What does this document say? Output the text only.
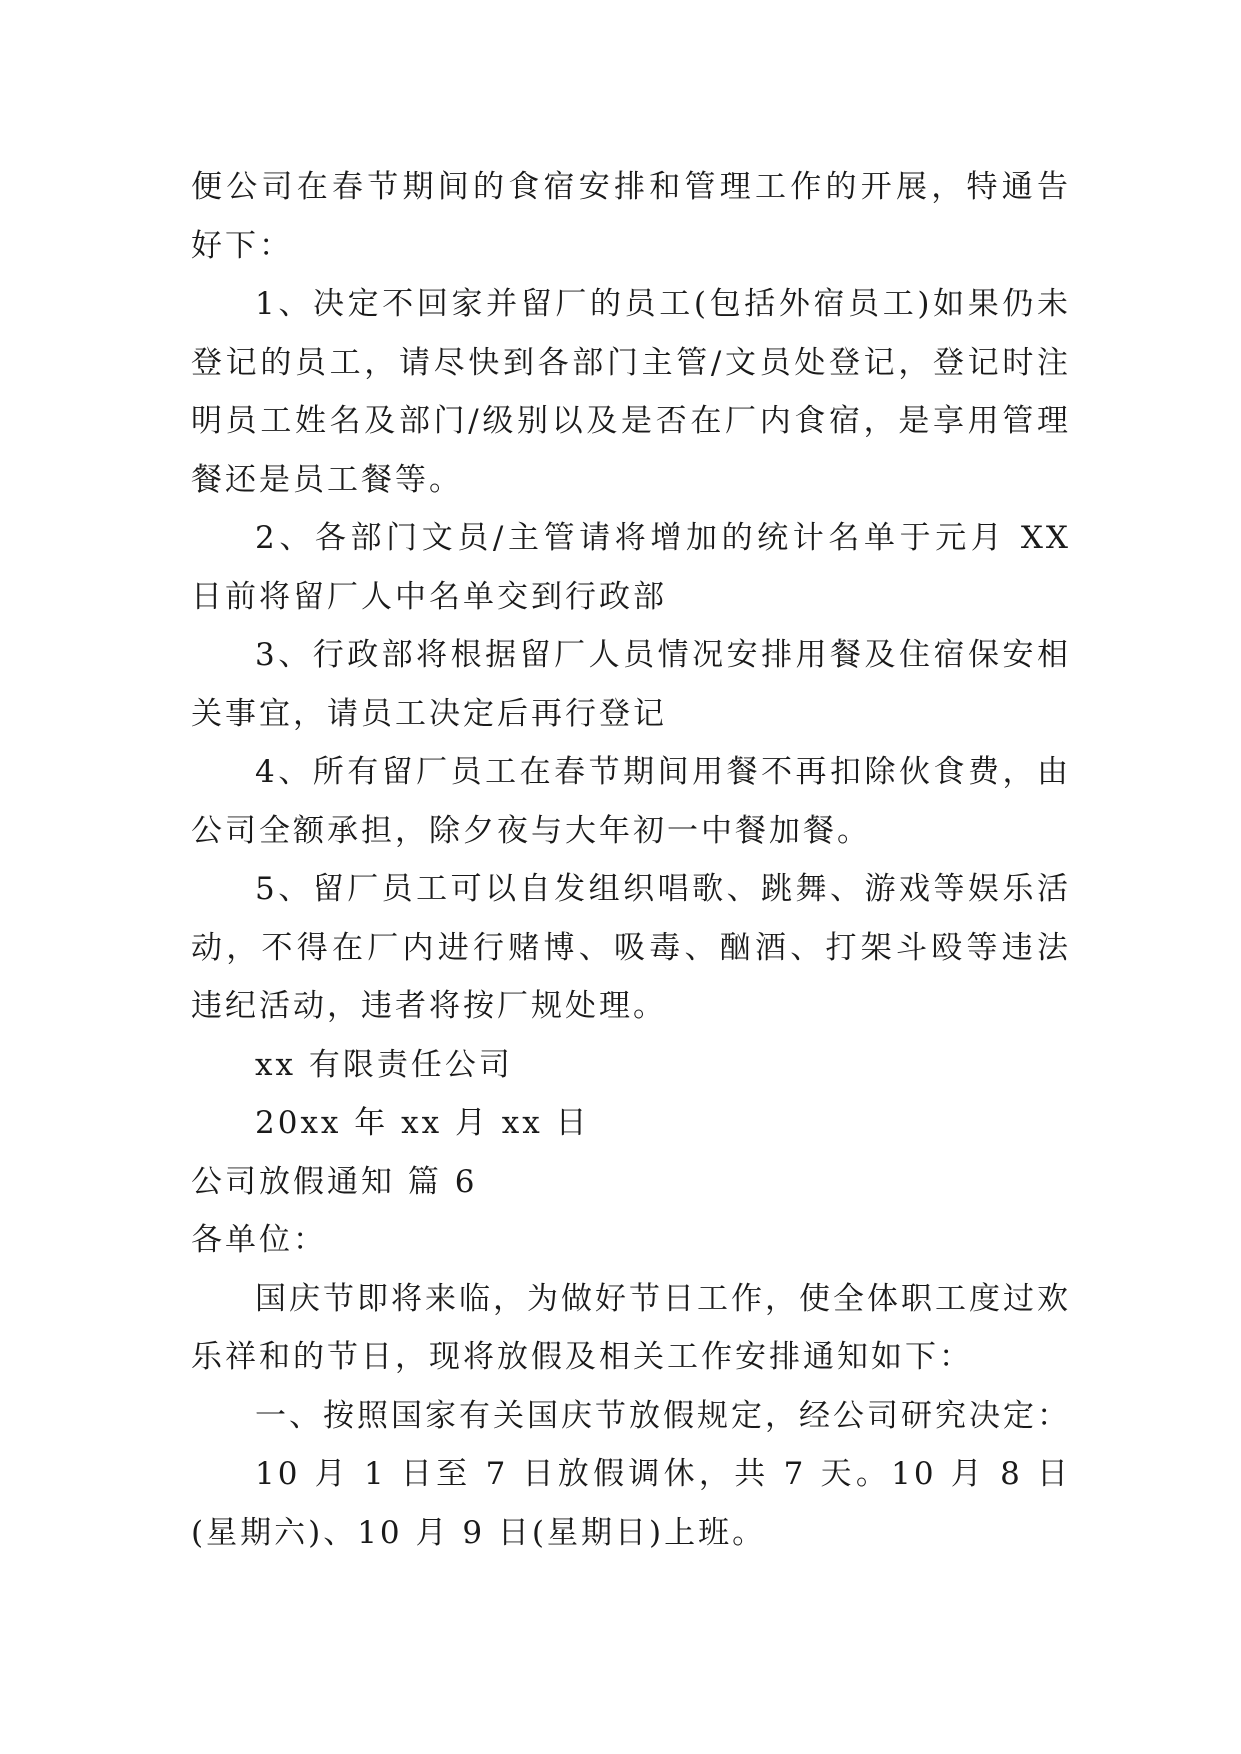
便公司在春节期间的食宿安排和管理工作的开展，特通告好下：

1、决定不回家并留厂的员工(包括外宿员工)如果仍未登记的员工，请尽快到各部门主管/文员处登记，登记时注明员工姓名及部门/级别以及是否在厂内食宿，是享用管理餐还是员工餐等。

2、各部门文员/主管请将增加的统计名单于元月 XX 日前将留厂人中名单交到行政部

3、行政部将根据留厂人员情况安排用餐及住宿保安相关事宜，请员工决定后再行登记

4、所有留厂员工在春节期间用餐不再扣除伙食费，由公司全额承担，除夕夜与大年初一中餐加餐。

5、留厂员工可以自发组织唱歌、跳舞、游戏等娱乐活动，不得在厂内进行赌博、吸毒、酗酒、打架斗殴等违法违纪活动，违者将按厂规处理。

xx 有限责任公司

20xx 年 xx 月 xx 日

公司放假通知 篇 6

各单位：

国庆节即将来临，为做好节日工作，使全体职工度过欢乐祥和的节日，现将放假及相关工作安排通知如下：

一、按照国家有关国庆节放假规定，经公司研究决定：

10 月 1 日至 7 日放假调休，共 7 天。10 月 8 日(星期六)、10 月 9 日(星期日)上班。
